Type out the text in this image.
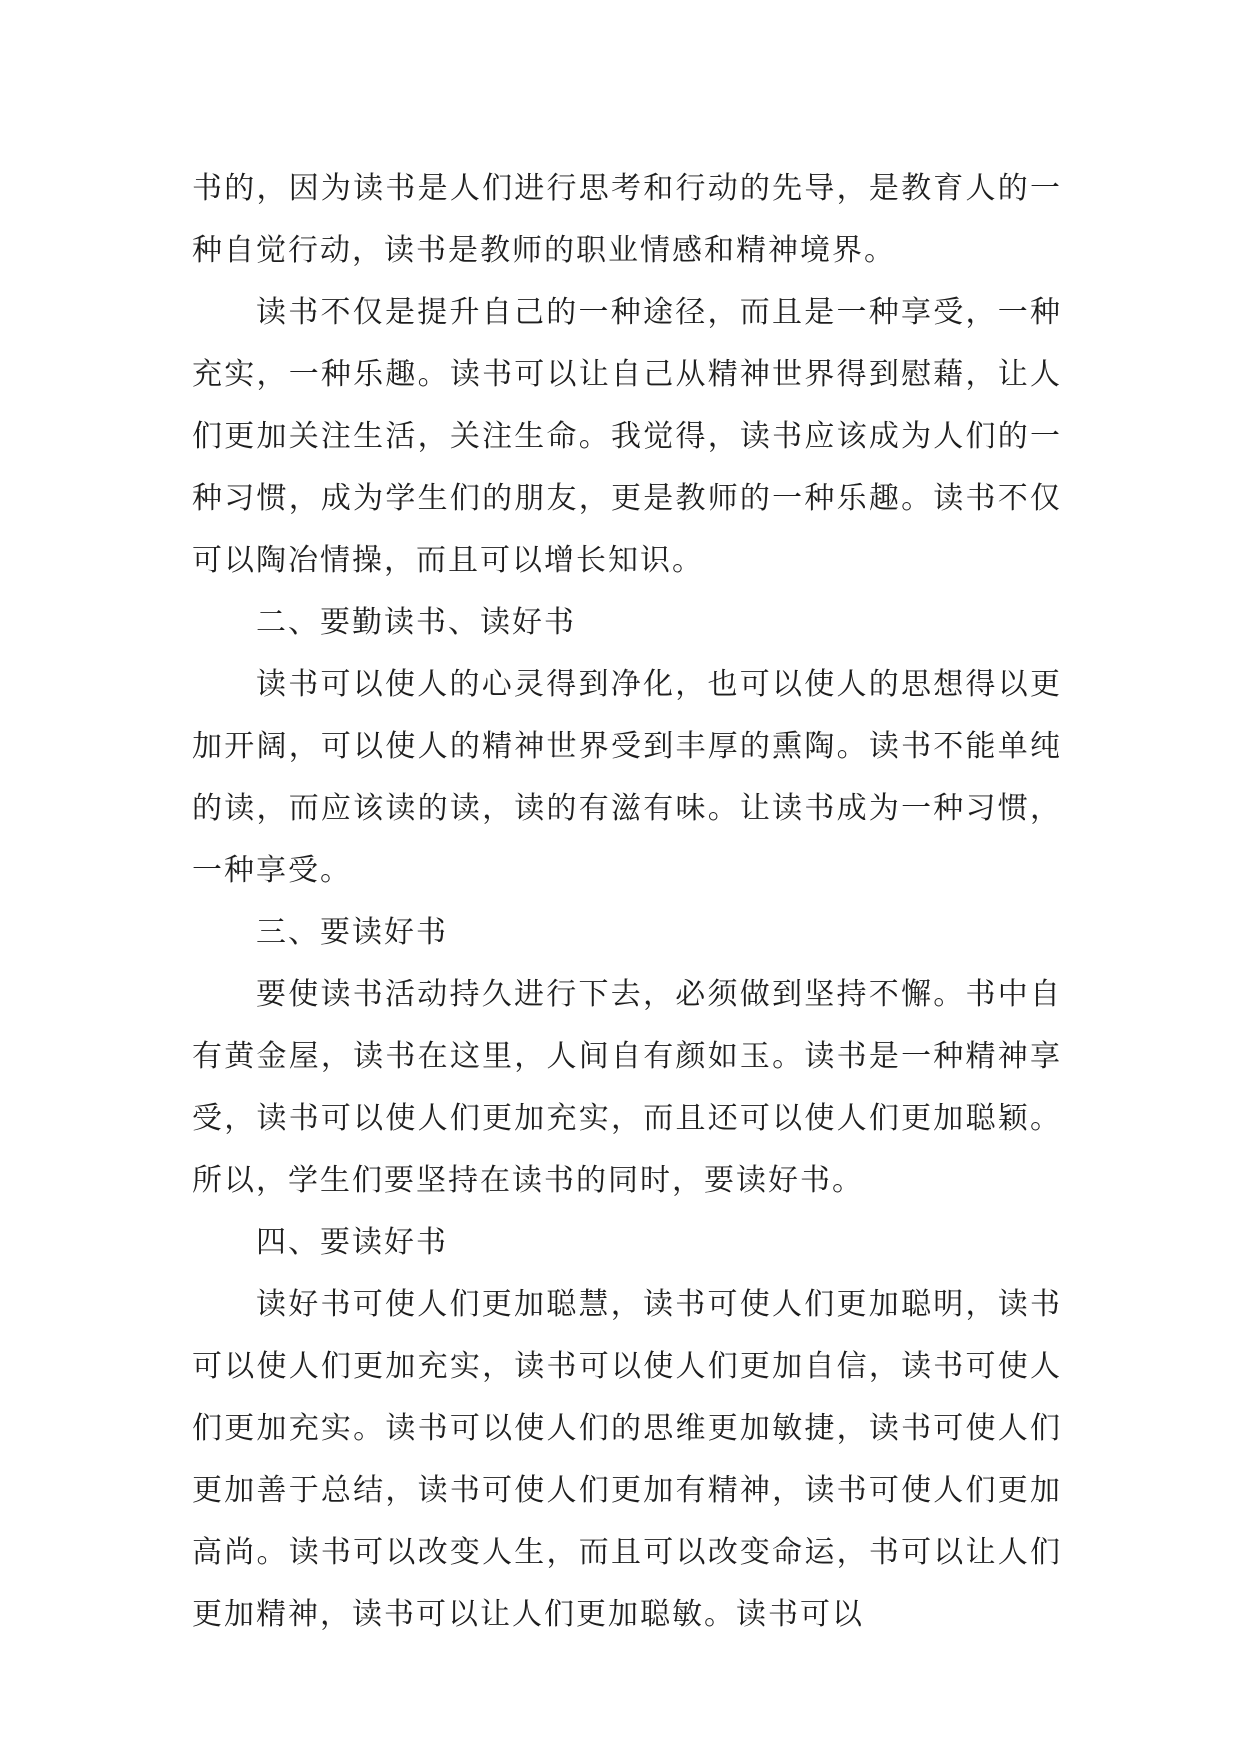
书的，因为读书是人们进行思考和行动的先导，是教育人的一种自觉行动，读书是教师的职业情感和精神境界。

读书不仅是提升自己的一种途径，而且是一种享受，一种充实，一种乐趣。读书可以让自己从精神世界得到慰藉，让人们更加关注生活，关注生命。我觉得，读书应该成为人们的一种习惯，成为学生们的朋友，更是教师的一种乐趣。读书不仅可以陶冶情操，而且可以增长知识。

二、要勤读书、读好书

读书可以使人的心灵得到净化，也可以使人的思想得以更加开阔，可以使人的精神世界受到丰厚的熏陶。读书不能单纯的读，而应该读的读，读的有滋有味。让读书成为一种习惯，一种享受。

三、要读好书

要使读书活动持久进行下去，必须做到坚持不懈。书中自有黄金屋，读书在这里，人间自有颜如玉。读书是一种精神享受，读书可以使人们更加充实，而且还可以使人们更加聪颖。所以，学生们要坚持在读书的同时，要读好书。

四、要读好书

读好书可使人们更加聪慧，读书可使人们更加聪明，读书可以使人们更加充实，读书可以使人们更加自信，读书可使人们更加充实。读书可以使人们的思维更加敏捷，读书可使人们更加善于总结，读书可使人们更加有精神，读书可使人们更加高尚。读书可以改变人生，而且可以改变命运，书可以让人们更加精神，读书可以让人们更加聪敏。读书可以
